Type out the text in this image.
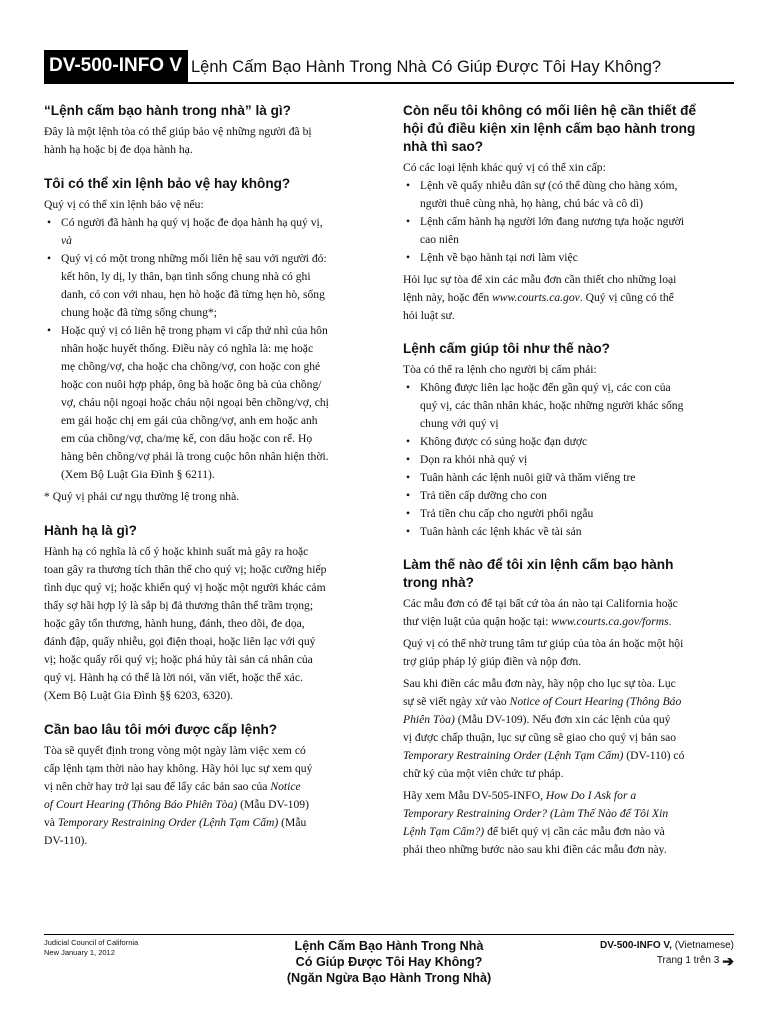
DV-500-INFO V Lệnh Cấm Bạo Hành Trong Nhà Có Giúp Được Tôi Hay Không?
“Lệnh cấm bạo hành trong nhà” là gì?

Đây là một lệnh tòa có thể giúp bảo vệ những người đã bị
hành hạ hoặc bị đe dọa hành hạ.

Tôi có thể xin lệnh bảo vệ hay không?

Quý vị có thể xin lệnh bảo vệ nếu:

• Có người đã hành hạ quý vị hoặc đe dọa hành hạ quý vị,
và
• Quý vị có một trong những mối liên hệ sau với người đó:
kết hôn, ly dị, ly thân, bạn tình sống chung nhà có ghi
danh, có con với nhau, hẹn hò hoặc đã từng hẹn hò, sống
chung hoặc đã từng sống chung*;
• Hoặc quý vị có liên hệ trong phạm vi cấp thứ nhì của hôn
nhân hoặc huyết thống. Điều này có nghĩa là: mẹ hoặc
mẹ chồng/vợ, cha hoặc cha chồng/vợ, con hoặc con ghẻ
hoặc con nuôi hợp pháp, ông bà hoặc ông bà của chồng/
vợ, cháu nội ngoại hoặc cháu nội ngoại bên chồng/vợ, chị
em gái hoặc chị em gái của chồng/vợ, anh em hoặc anh
em của chồng/vợ, cha/mẹ kế, con dâu hoặc con rể. Họ
hàng bên chồng/vợ phải là trong cuộc hôn nhân hiện thời.
(Xem Bộ Luật Gia Đình § 6211).

* Quý vị phải cư ngụ thường lệ trong nhà.

Hành hạ là gì?

Hành hạ có nghĩa là cố ý hoặc khinh suất mà gây ra hoặc
toan gây ra thương tích thân thể cho quý vị; hoặc cưỡng hiếp
tình dục quý vị; hoặc khiến quý vị hoặc một người khác cảm
thấy sợ hãi hợp lý là sắp bị đả thương thân thể trầm trọng;
hoặc gây tổn thương, hành hung, đánh, theo dõi, đe dọa,
đánh đập, quấy nhiễu, gọi điện thoại, hoặc liên lạc với quý
vị; hoặc quấy rối quý vị; hoặc phá hủy tài sản cá nhân của
quý vị. Hành hạ có thể là lời nói, văn viết, hoặc thể xác.
(Xem Bộ Luật Gia Đình §§ 6203, 6320).

Cần bao lâu tôi mới được cấp lệnh?

Tòa sẽ quyết định trong vòng một ngày làm việc xem có
cấp lệnh tạm thời nào hay không. Hãy hỏi lục sự xem quý
vị nên chờ hay trở lại sau để lấy các bản sao của Notice
of Court Hearing (Thông Báo Phiên Tòa) (Mẫu DV-109)
và Temporary Restraining Order (Lệnh Tạm Cấm) (Mẫu
DV-110).

Còn nếu tôi không có mối liên hệ cần thiết để
hội đủ điều kiện xin lệnh cấm bạo hành trong
nhà thì sao?

Có các loại lệnh khác quý vị có thể xin cấp:

• Lệnh về quấy nhiễu dân sự (có thể dùng cho hàng xóm,
người thuê cùng nhà, họ hàng, chú bác và cô dì)
• Lệnh cấm hành hạ người lớn đang nương tựa hoặc người
cao niên
• Lệnh về bạo hành tại nơi làm việc

Hỏi lục sự tòa để xin các mẫu đơn cần thiết cho những loại
lệnh này, hoặc đến www.courts.ca.gov. Quý vị cũng có thể
hỏi luật sư.

Lệnh cấm giúp tôi như thế nào?

Tòa có thể ra lệnh cho người bị cấm phải:

• Không được liên lạc hoặc đến gần quý vị, các con của
quý vị, các thân nhân khác, hoặc những người khác sống
chung với quý vị
• Không được có súng hoặc đạn dược
• Dọn ra khỏi nhà quý vị
• Tuân hành các lệnh nuôi giữ và thăm viếng tre
• Trả tiền cấp dưỡng cho con
• Trả tiền chu cấp cho người phối ngẫu
• Tuân hành các lệnh khác về tài sản
Làm thế nào để tôi xin lệnh cấm bạo hành
trong nhà?

Các mẫu đơn có để tại bất cứ tòa án nào tại California hoặc
thư viện luật của quận hoặc tại: www.courts.ca.gov/forms.

Quý vị có thể nhờ trung tâm tư giúp của tòa án hoặc một hội
trợ giúp pháp lý giúp điền và nộp đơn.

Sau khi điền các mẫu đơn này, hãy nộp cho lục sự tòa. Lục
sự sẽ viết ngày xử vào Notice of Court Hearing (Thông Báo
Phiên Tòa) (Mẫu DV-109). Nếu đơn xin các lệnh của quý
vị được chấp thuận, lục sự cũng sẽ giao cho quý vị bản sao
Temporary Restraining Order (Lệnh Tạm Cấm) (DV-110) có
chữ ký của một viên chức tư pháp.

Hãy xem Mẫu DV-505-INFO, How Do I Ask for a
Temporary Restraining Order? (Làm Thế Nào để Tôi Xin
Lệnh Tạm Cấm?) để biết quý vị cần các mẫu đơn nào và
phải theo những bước nào sau khi điền các mẫu đơn này.

Judicial Council of California
New January 1, 2012	Lệnh Cấm Bạo Hành Trong Nhà
Có Giúp Được Tôi Hay Không?
(Ngăn Ngừa Bạo Hành Trong Nhà)
DV-500-INFO V, (Vietnamese)

Trang 1 trên 3 ➔
